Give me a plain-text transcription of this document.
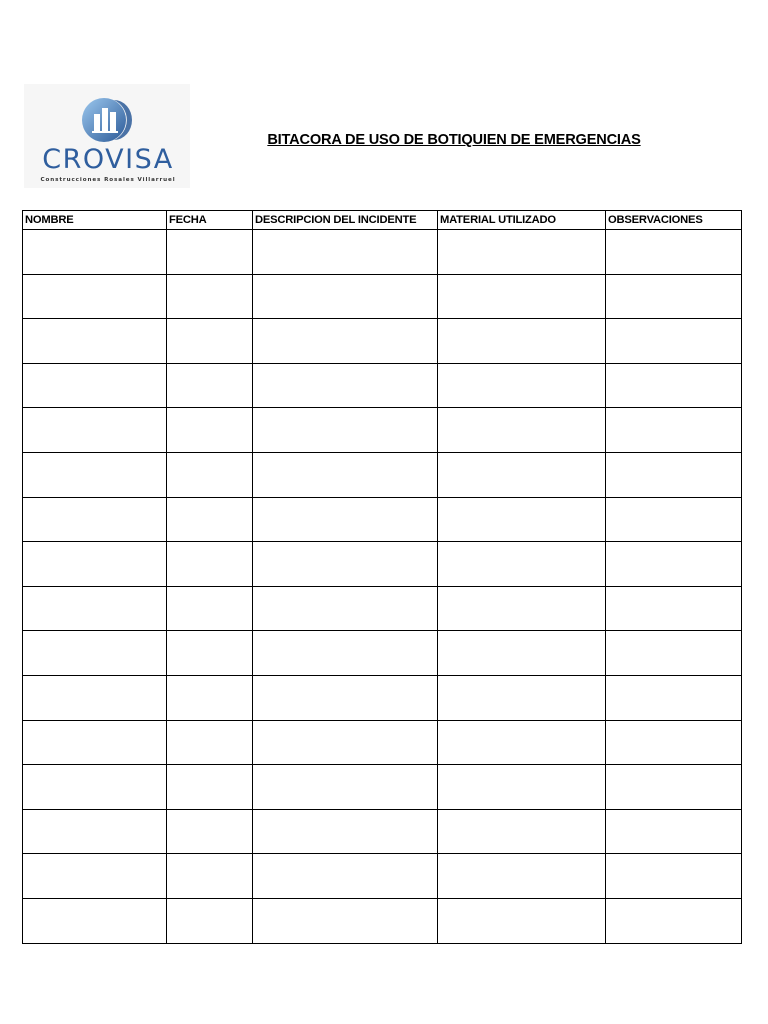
CROVISA
Construcciones Rosales Villarruel
BITACORA DE USO DE BOTIQUIEN DE EMERGENCIAS
NOMBRE	FECHA	DESCRIPCION DEL INCIDENTE	MATERIAL UTILIZADO	OBSERVACIONES
